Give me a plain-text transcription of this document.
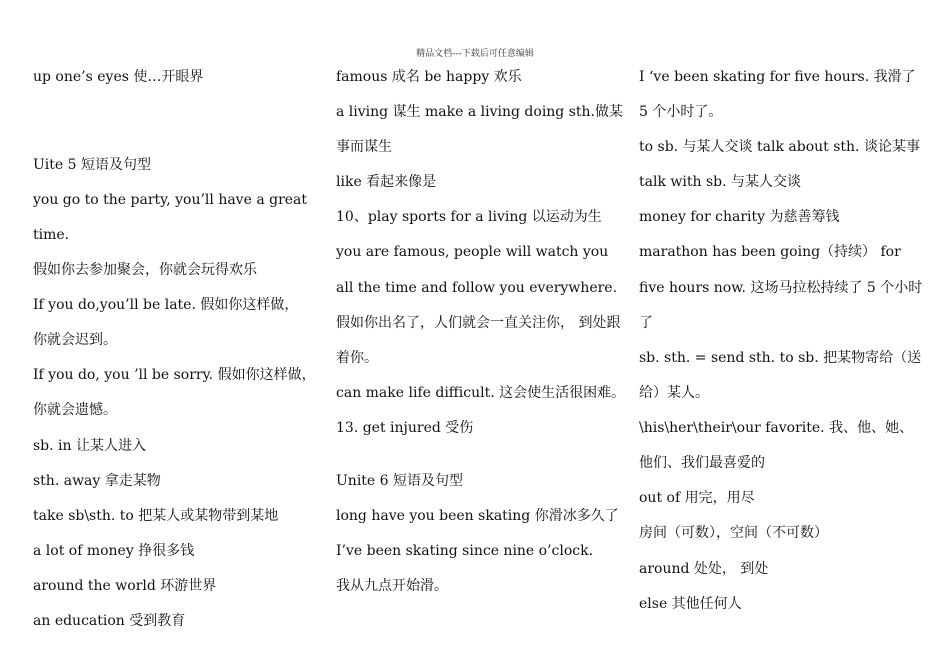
精品文档---下载后可任意编辑
up one’s eyes 使…开眼界
Uite 5 短语及句型
you go to the party, you’ll have a great
time.
假如你去参加聚会，你就会玩得欢乐
If you do,you’ll be late. 假如你这样做，
你就会迟到。
If you do, you ’ll be sorry. 假如你这样做，
你就会遗憾。
sb. in 让某人进入
sth. away 拿走某物
take sb\sth. to 把某人或某物带到某地
a lot of money 挣很多钱
around the world 环游世界
an education 受到教育
famous 成名 be happy 欢乐
a living 谋生 make a living doing sth.做某
事而谋生
like 看起来像是
10、play sports for a living 以运动为生
you are famous, people will watch you
all the time and follow you everywhere.
假如你出名了，人们就会一直关注你， 到处跟
着你。
can make life difficult. 这会使生活很困难。
13. get injured 受伤
Unite 6 短语及句型
long have you been skating 你滑冰多久了
I’ve been skating since nine o’clock.
我从九点开始滑。
I ‘ve been skating for five hours. 我滑了
5 个小时了。
to sb. 与某人交谈 talk about sth. 谈论某事
talk with sb. 与某人交谈
money for charity 为慈善筹钱
marathon has been going（持续） for
five hours now. 这场马拉松持续了 5 个小时
了
sb. sth. = send sth. to sb. 把某物寄给（送
给）某人。
\his\her\their\our favorite. 我、他、她、
他们、我们最喜爱的
out of 用完，用尽
房间（可数），空间（不可数）
around 处处， 到处
else 其他任何人
